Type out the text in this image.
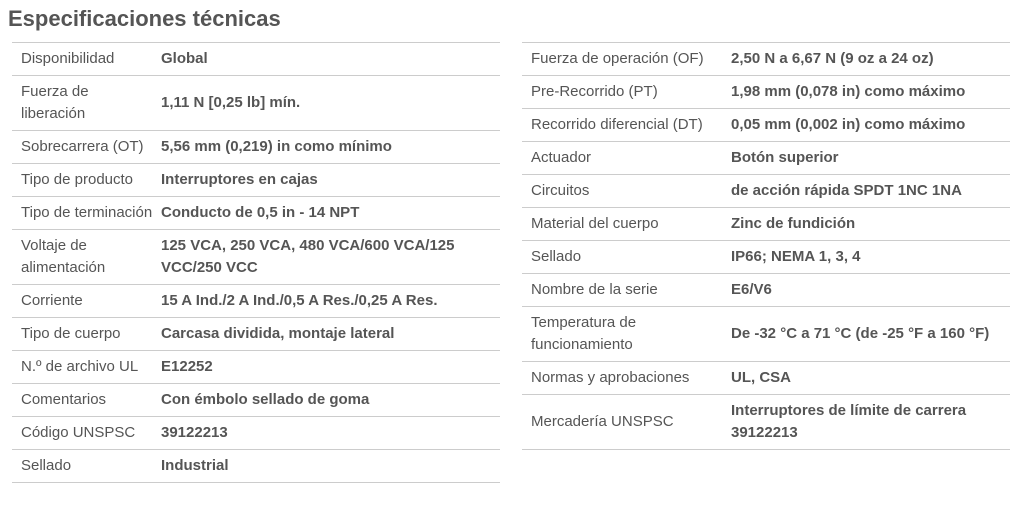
Especificaciones técnicas
Disponibilidad	Global
Fuerza de liberación	1,11 N [0,25 lb] mín.
Sobrecarrera (OT)	5,56 mm (0,219) in como mínimo
Tipo de producto	Interruptores en cajas
Tipo de terminación	Conducto de 0,5 in - 14 NPT
Voltaje de alimentación	125 VCA, 250 VCA, 480 VCA/600 VCA/125 VCC/250 VCC
Corriente	15 A Ind./2 A Ind./0,5 A Res./0,25 A Res.
Tipo de cuerpo	Carcasa dividida, montaje lateral
N.º de archivo UL	E12252
Comentarios	Con émbolo sellado de goma
Código UNSPSC	39122213
Sellado	Industrial
Fuerza de operación (OF)	2,50 N a 6,67 N (9 oz a 24 oz)
Pre-Recorrido (PT)	1,98 mm (0,078 in) como máximo
Recorrido diferencial (DT)	0,05 mm (0,002 in) como máximo
Actuador	Botón superior
Circuitos	de acción rápida SPDT 1NC 1NA
Material del cuerpo	Zinc de fundición
Sellado	IP66; NEMA 1, 3, 4
Nombre de la serie	E6/V6
Temperatura de funcionamiento	De -32 °C a 71 °C (de -25 °F a 160 °F)
Normas y aprobaciones	UL, CSA
Mercadería UNSPSC	Interruptores de límite de carrera 39122213
